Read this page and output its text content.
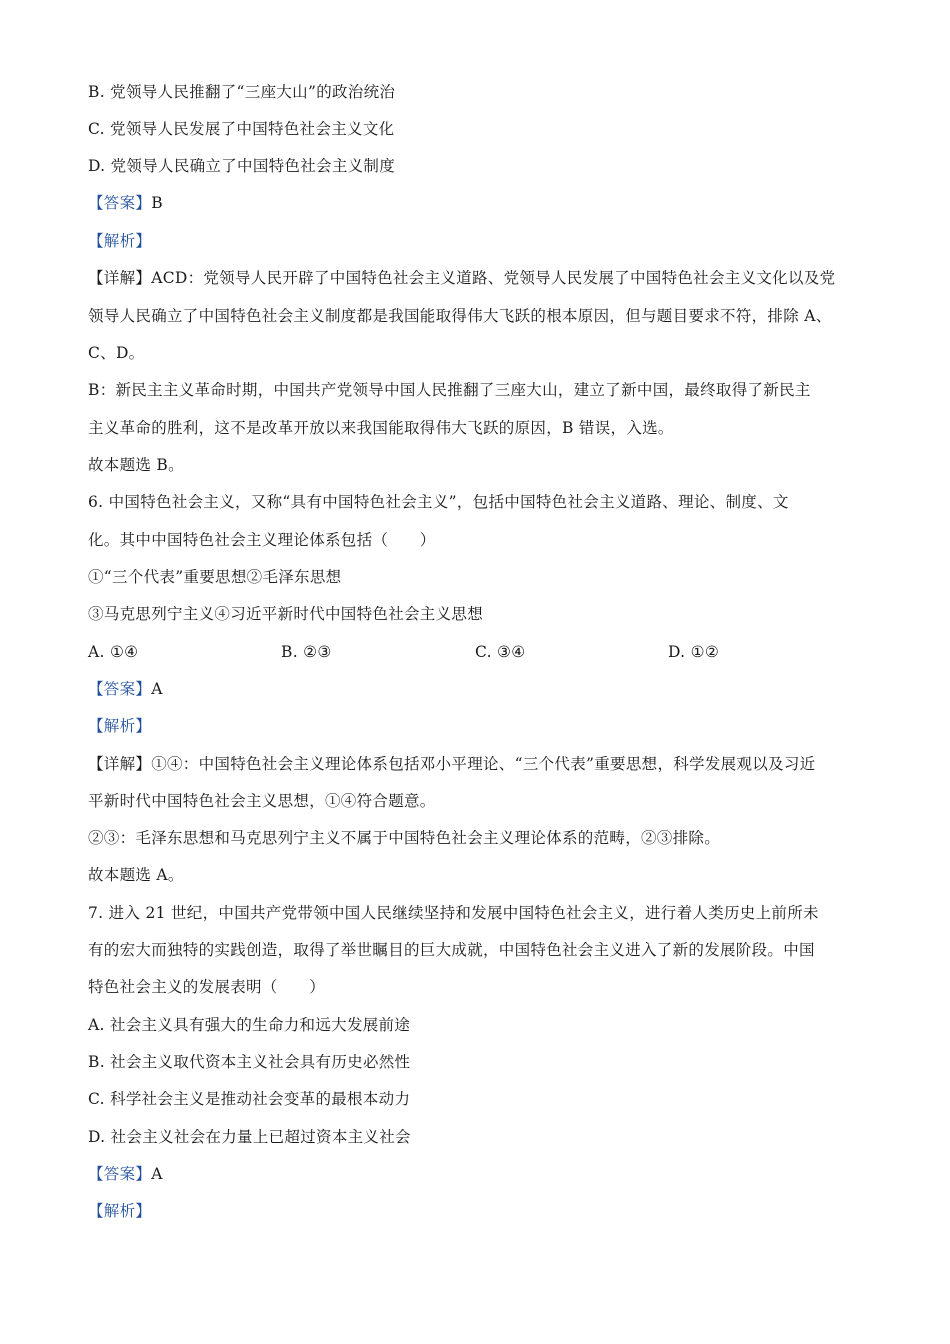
B. 党领导人民推翻了“三座大山”的政治统治
C. 党领导人民发展了中国特色社会主义文化
D. 党领导人民确立了中国特色社会主义制度
【答案】B
【解析】
【详解】ACD：党领导人民开辟了中国特色社会主义道路、党领导人民发展了中国特色社会主义文化以及党
领导人民确立了中国特色社会主义制度都是我国能取得伟大飞跃的根本原因，但与题目要求不符，排除 A、
C、D。
B：新民主主义革命时期，中国共产党领导中国人民推翻了三座大山，建立了新中国，最终取得了新民主
主义革命的胜利，这不是改革开放以来我国能取得伟大飞跃的原因，B 错误，入选。
故本题选 B。
6. 中国特色社会主义，又称“具有中国特色社会主义”，包括中国特色社会主义道路、理论、制度、文
化。其中中国特色社会主义理论体系包括（　　）
①“三个代表”重要思想②毛泽东思想
③马克思列宁主义④习近平新时代中国特色社会主义思想
A. ①④	B. ②③	C. ③④	D. ①②
【答案】A
【解析】
【详解】①④：中国特色社会主义理论体系包括邓小平理论、“三个代表”重要思想，科学发展观以及习近
平新时代中国特色社会主义思想，①④符合题意。
②③：毛泽东思想和马克思列宁主义不属于中国特色社会主义理论体系的范畴，②③排除。
故本题选 A。
7. 进入 21 世纪，中国共产党带领中国人民继续坚持和发展中国特色社会主义，进行着人类历史上前所未
有的宏大而独特的实践创造，取得了举世瞩目的巨大成就，中国特色社会主义进入了新的发展阶段。中国
特色社会主义的发展表明（　　）
A. 社会主义具有强大的生命力和远大发展前途
B. 社会主义取代资本主义社会具有历史必然性
C. 科学社会主义是推动社会变革的最根本动力
D. 社会主义社会在力量上已超过资本主义社会
【答案】A
【解析】
